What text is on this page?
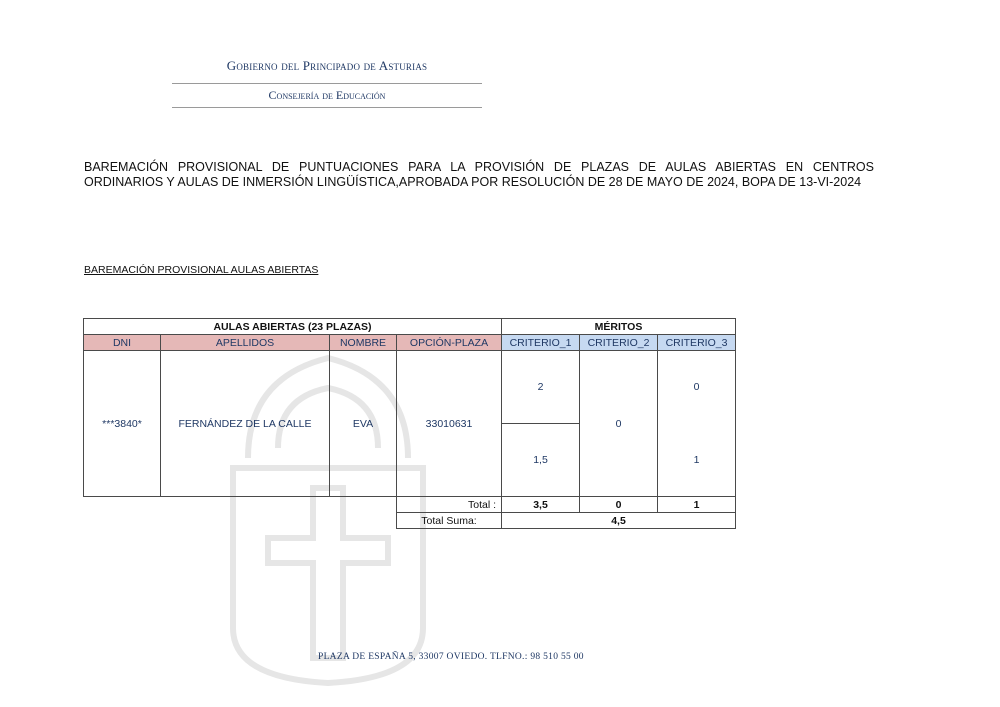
Gobierno del Principado de Asturias
Consejería de Educación
BAREMACIÓN PROVISIONAL DE PUNTUACIONES PARA LA PROVISIÓN DE PLAZAS DE AULAS ABIERTAS EN CENTROS ORDINARIOS Y AULAS DE INMERSIÓN LINGÜÍSTICA,APROBADA POR RESOLUCIÓN DE 28 DE MAYO DE 2024, BOPA DE 13-VI-2024
BAREMACIÓN PROVISIONAL AULAS ABIERTAS
AULAS ABIERTAS (23 PLAZAS)				MÉRITOS		
DNI	APELLIDOS	NOMBRE	OPCIÓN-PLAZA	CRITERIO_1	CRITERIO_2	CRITERIO_3
***3840*	FERNÁNDEZ DE LA CALLE	EVA	33010631	2	0	0
				1,5		1
			Total :	3,5	0	1
			Total Suma:	4,5		
PLAZA DE ESPAÑA 5, 33007 OVIEDO. TLFNO.: 98 510 55 00
